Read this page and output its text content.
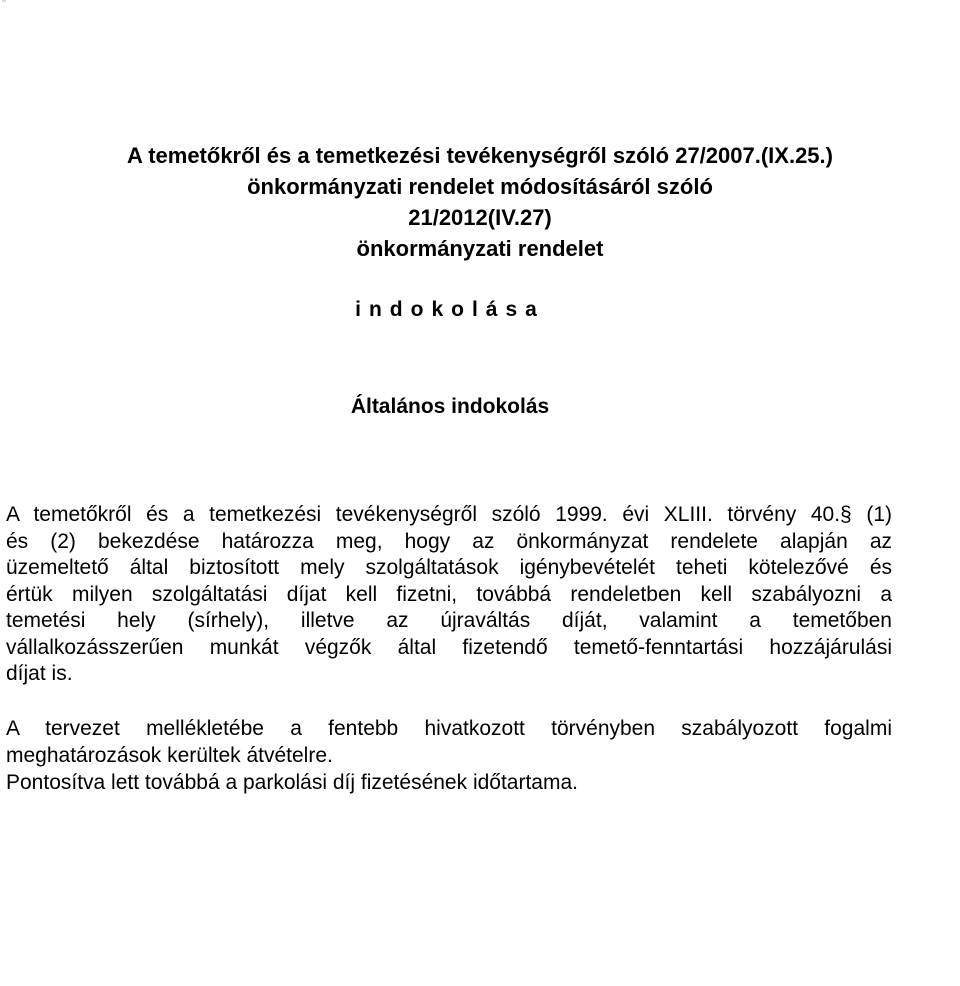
A temetőkről és a temetkezési tevékenységről szóló 27/2007.(IX.25.)
önkormányzati rendelet módosításáról szóló
21/2012(IV.27)
önkormányzati rendelet
indokolása
Általános indokolás
A temetőkről és a temetkezési tevékenységről szóló 1999. évi XLIII. törvény 40.§ (1)
és (2) bekezdése határozza meg, hogy az önkormányzat rendelete alapján az
üzemeltető által biztosított mely szolgáltatások igénybevételét teheti kötelezővé és
értük milyen szolgáltatási díjat kell fizetni, továbbá rendeletben kell szabályozni a
temetési hely (sírhely), illetve az újraváltás díját, valamint a temetőben
vállalkozásszerűen munkát végzők által fizetendő temető-fenntartási hozzájárulási
díjat is.
A tervezet mellékletébe a fentebb hivatkozott törvényben szabályozott fogalmi
meghatározások kerültek átvételre.
Pontosítva lett továbbá a parkolási díj fizetésének időtartama.
